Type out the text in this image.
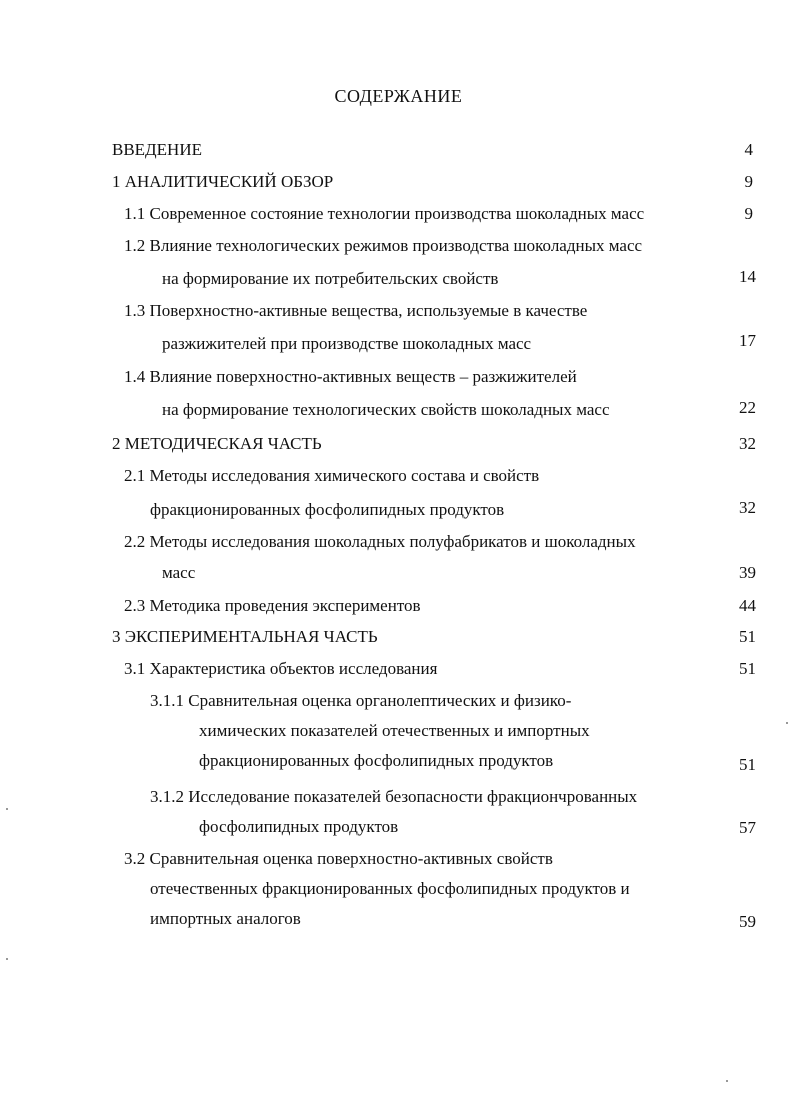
СОДЕРЖАНИЕ
ВВЕДЕНИЕ	4
1 АНАЛИТИЧЕСКИЙ ОБЗОР	9
1.1 Современное состояние технологии производства шоколадных масс	9
1.2 Влияние технологических режимов производства шоколадных масс
на формирование их потребительских свойств	14
1.3 Поверхностно-активные вещества, используемые в качестве
разжижителей при производстве шоколадных масс	17
1.4 Влияние поверхностно-активных веществ – разжижителей
на формирование технологических свойств шоколадных масс	22
2 МЕТОДИЧЕСКАЯ ЧАСТЬ	32
2.1 Методы исследования химического состава и свойств
фракционированных фосфолипидных продуктов	32
2.2 Методы исследования шоколадных полуфабрикатов и шоколадных
масс	39
2.3 Методика проведения экспериментов	44
3 ЭКСПЕРИМЕНТАЛЬНАЯ ЧАСТЬ	51
3.1 Характеристика объектов исследования	51
3.1.1 Сравнительная оценка органолептических и физико-
химических показателей отечественных и импортных
фракционированных фосфолипидных продуктов	51
3.1.2 Исследование показателей безопасности фракциончрованных
фосфолипидных продуктов	57
3.2 Сравнительная оценка поверхностно-активных свойств
отечественных фракционированных фосфолипидных продуктов и
импортных аналогов	59
